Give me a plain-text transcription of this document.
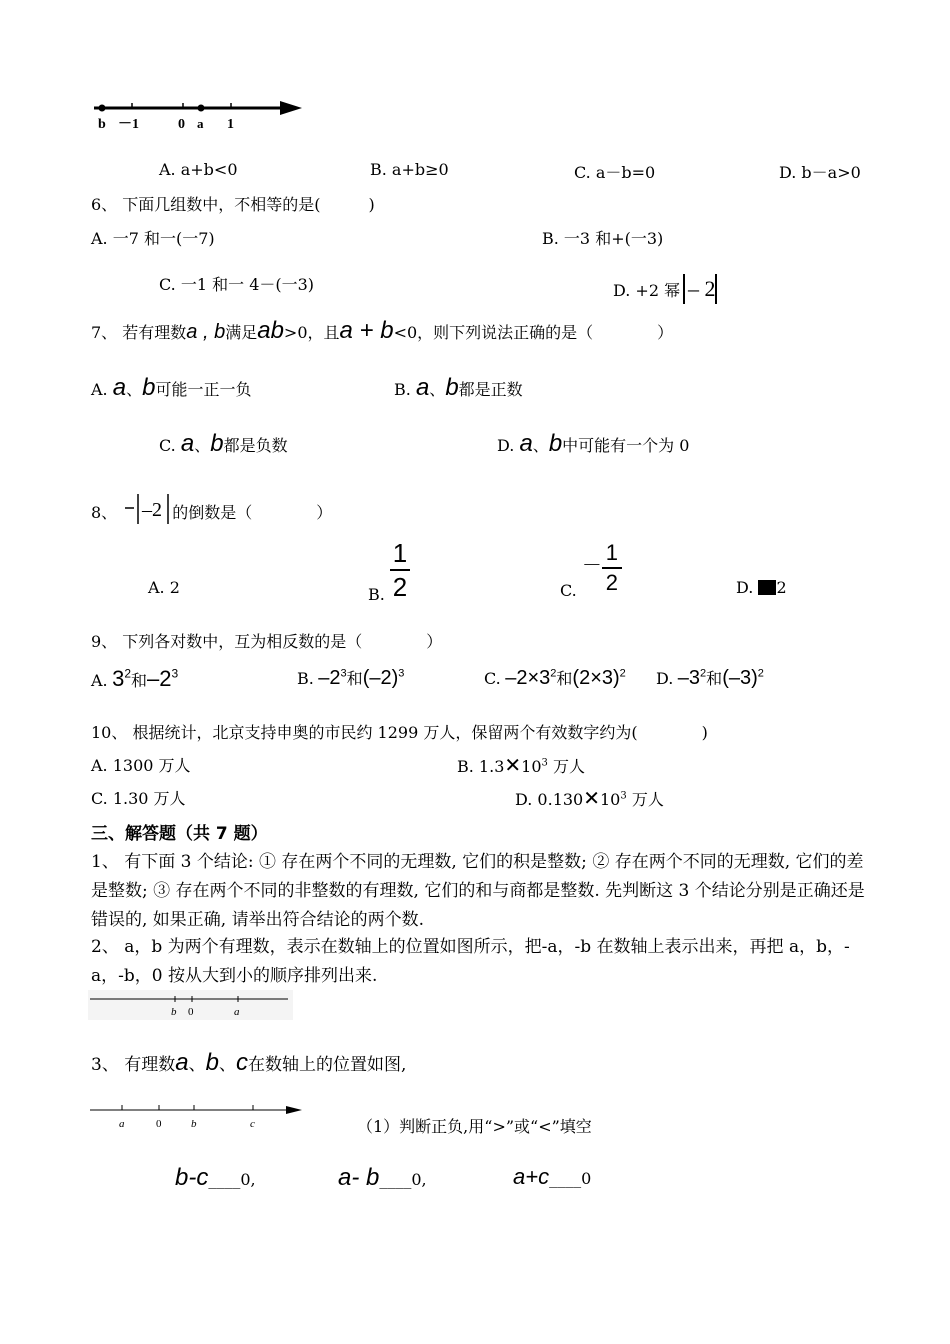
b －1	0 a 1
A. a+b<0	B. a+b≥0	C. a－b=0	D. b－a>0
6、 下面几组数中，不相等的是(　　　)
A. 一7 和一(一7)	B. 一3 和+(一3)
C. 一1 和一 4－(一3)	D. +2 幂 – 2
7、 若有理数a , b满足ab>0，且a + b<0，则下列说法正确的是（　　　　）
A. a、b可能一正一负	B. a、b都是正数
C. a、b都是负数	D. a、b中可能有一个为 0
8、 –2 的倒数是（　　　　）
A. 2	B. $\frac{1}{2}$	C. － $\frac{1}{2}$	D. 2
9、 下列各对数中，互为相反数的是（　　　　）
A. $3^2$和$-2^3$	B. $-2^3$和$(-2)^3$	C. $-2\times 3^2$和$(2\times 3)^2$ D. $-3^2$和$(-3)^2$
10、 根据统计，北京支持申奥的市民约 1299 万人，保留两个有效数字约为(　　　　)
A. 1300 万人	B. $1.3✕10^3$ 万人
C. 1.30 万人	D. $0.130✕10^3$ 万人
三、解答题（共 7 题）
1、 有下面 3 个结论: ① 存在两个不同的无理数, 它们的积是整数; ② 存在两个不同的无理数, 它们的差是整数; ③ 存在两个不同的非整数的有理数, 它们的和与商都是整数. 先判断这 3 个结论分别是正确还是错误的, 如果正确, 请举出符合结论的两个数.
2、 a，b 为两个有理数，表示在数轴上的位置如图所示，把-a，-b 在数轴上表示出来，再把 a，b，-a，-b，0 按从大到小的顺序排列出来.
b 0	a
3、 有理数a、b、c在数轴上的位置如图,
a	0	b	c	（1）判断正负,用“>”或“<”填空
b-c____0,	a- b____0,	a+c____0
